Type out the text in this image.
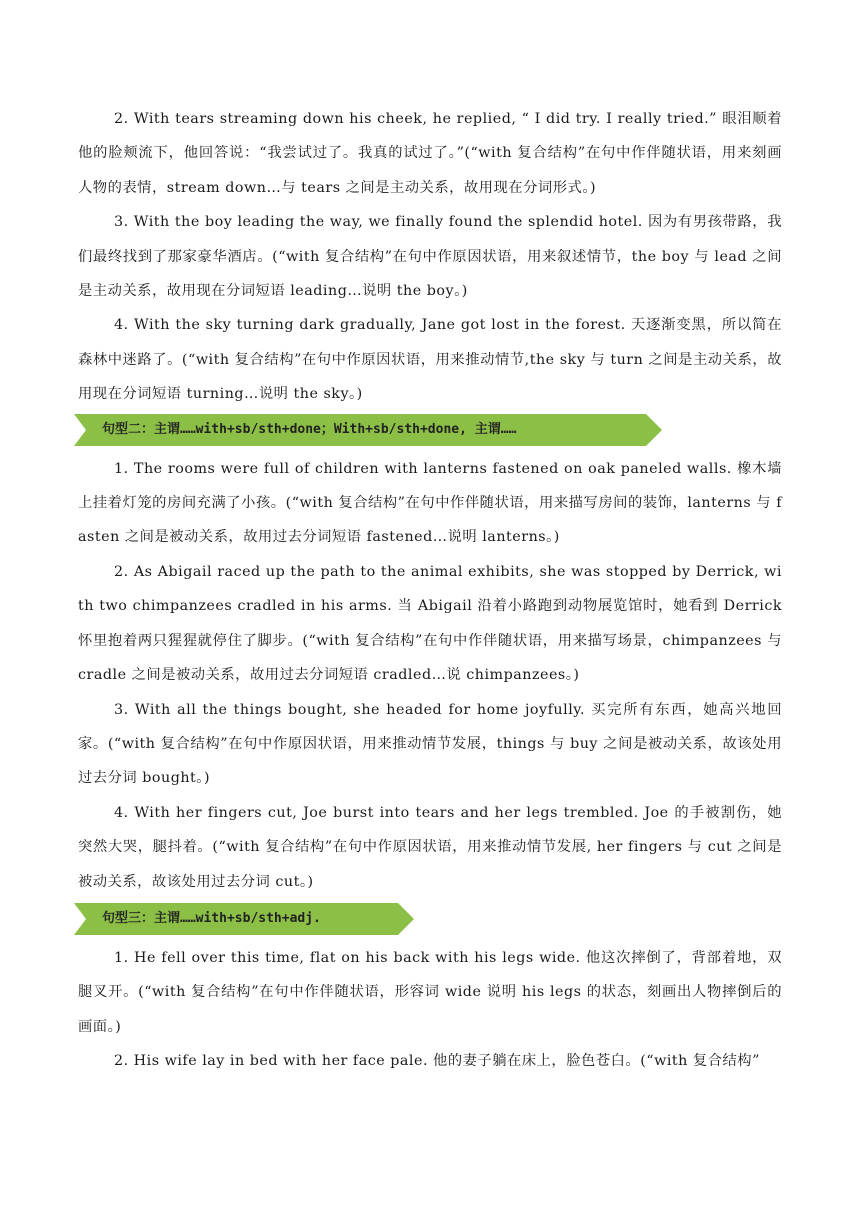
2. With tears streaming down his cheek, he replied, “ I did try. I really tried.” 眼泪顺着他的脸颊流下，他回答说：“我尝试过了。我真的试过了。”(“with 复合结构”在句中作伴随状语，用来刻画人物的表情，stream down…与 tears 之间是主动关系，故用现在分词形式。)

3. With the boy leading the way, we finally found the splendid hotel. 因为有男孩带路，我们最终找到了那家豪华酒店。(“with 复合结构”在句中作原因状语，用来叙述情节，the boy 与 lead 之间是主动关系，故用现在分词短语 leading…说明 the boy。)

4. With the sky turning dark gradually, Jane got lost in the forest. 天逐渐变黑，所以简在森林中迷路了。(“with 复合结构”在句中作原因状语，用来推动情节,the sky 与 turn 之间是主动关系，故用现在分词短语 turning…说明 the sky。)

句型二：主谓……with+sb/sth+done；With+sb/sth+done, 主谓……

1. The rooms were full of children with lanterns fastened on oak paneled walls. 橡木墙上挂着灯笼的房间充满了小孩。(“with 复合结构”在句中作伴随状语，用来描写房间的装饰，lanterns 与 fasten 之间是被动关系，故用过去分词短语 fastened…说明 lanterns。)

2. As Abigail raced up the path to the animal exhibits, she was stopped by Derrick, with two chimpanzees cradled in his arms. 当 Abigail 沿着小路跑到动物展览馆时，她看到 Derrick 怀里抱着两只猩猩就停住了脚步。(“with 复合结构”在句中作伴随状语，用来描写场景，chimpanzees 与 cradle 之间是被动关系，故用过去分词短语 cradled…说 chimpanzees。)

3. With all the things bought, she headed for home joyfully. 买完所有东西，她高兴地回家。(“with 复合结构”在句中作原因状语，用来推动情节发展，things 与 buy 之间是被动关系，故该处用过去分词 bought。)

4. With her fingers cut, Joe burst into tears and her legs trembled. Joe 的手被割伤，她突然大哭，腿抖着。(“with 复合结构”在句中作原因状语，用来推动情节发展, her fingers 与 cut 之间是被动关系，故该处用过去分词 cut。)

句型三：主谓……with+sb/sth+adj.

1. He fell over this time, flat on his back with his legs wide. 他这次摔倒了，背部着地，双腿叉开。(“with 复合结构”在句中作伴随状语，形容词 wide 说明 his legs 的状态，刻画出人物摔倒后的画面。)

2. His wife lay in bed with her face pale. 他的妻子躺在床上，脸色苍白。(“with 复合结构”
